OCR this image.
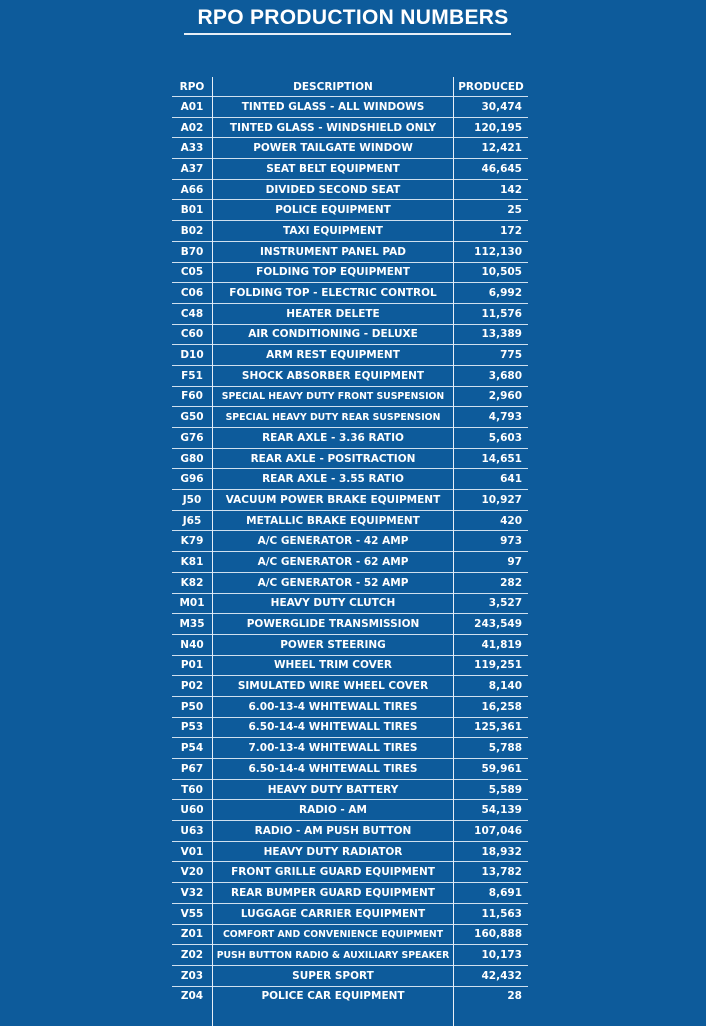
RPO PRODUCTION NUMBERS
RPO	DESCRIPTION	PRODUCED
A01	TINTED GLASS - ALL WINDOWS	30,474
A02	TINTED GLASS - WINDSHIELD ONLY	120,195
A33	POWER TAILGATE WINDOW	12,421
A37	SEAT BELT EQUIPMENT	46,645
A66	DIVIDED SECOND SEAT	142
B01	POLICE EQUIPMENT	25
B02	TAXI EQUIPMENT	172
B70	INSTRUMENT PANEL PAD	112,130
C05	FOLDING TOP EQUIPMENT	10,505
C06	FOLDING TOP - ELECTRIC CONTROL	6,992
C48	HEATER DELETE	11,576
C60	AIR CONDITIONING - DELUXE	13,389
D10	ARM REST EQUIPMENT	775
F51	SHOCK ABSORBER EQUIPMENT	3,680
F60	SPECIAL HEAVY DUTY FRONT SUSPENSION	2,960
G50	SPECIAL HEAVY DUTY REAR SUSPENSION	4,793
G76	REAR AXLE - 3.36 RATIO	5,603
G80	REAR AXLE - POSITRACTION	14,651
G96	REAR AXLE - 3.55 RATIO	641
J50	VACUUM POWER BRAKE EQUIPMENT	10,927
J65	METALLIC BRAKE EQUIPMENT	420
K79	A/C GENERATOR - 42 AMP	973
K81	A/C GENERATOR - 62 AMP	97
K82	A/C GENERATOR - 52 AMP	282
M01	HEAVY DUTY CLUTCH	3,527
M35	POWERGLIDE TRANSMISSION	243,549
N40	POWER STEERING	41,819
P01	WHEEL TRIM COVER	119,251
P02	SIMULATED WIRE WHEEL COVER	8,140
P50	6.00-13-4 WHITEWALL TIRES	16,258
P53	6.50-14-4 WHITEWALL TIRES	125,361
P54	7.00-13-4 WHITEWALL TIRES	5,788
P67	6.50-14-4 WHITEWALL TIRES	59,961
T60	HEAVY DUTY BATTERY	5,589
U60	RADIO - AM	54,139
U63	RADIO - AM PUSH BUTTON	107,046
V01	HEAVY DUTY RADIATOR	18,932
V20	FRONT GRILLE GUARD EQUIPMENT	13,782
V32	REAR BUMPER GUARD EQUIPMENT	8,691
V55	LUGGAGE CARRIER EQUIPMENT	11,563
Z01	COMFORT AND CONVENIENCE EQUIPMENT	160,888
Z02	PUSH BUTTON RADIO & AUXILIARY SPEAKER	10,173
Z03	SUPER SPORT	42,432
Z04	POLICE CAR EQUIPMENT	28
